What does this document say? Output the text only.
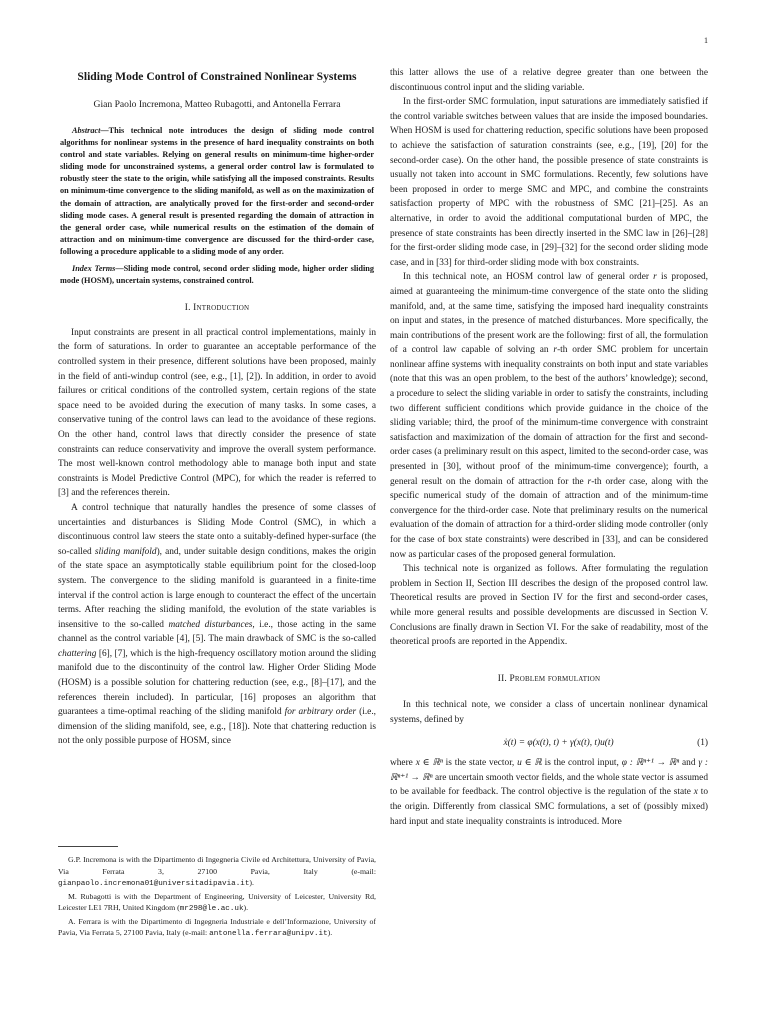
1
Sliding Mode Control of Constrained Nonlinear Systems
Gian Paolo Incremona, Matteo Rubagotti, and Antonella Ferrara

Abstract—This technical note introduces the design of sliding mode control algorithms for nonlinear systems in the presence of hard inequality constraints on both control and state variables. Relying on general results on minimum-time higher-order sliding mode for unconstrained systems, a general order control law is formulated to robustly steer the state to the origin, while satisfying all the imposed constraints. Results on minimum-time convergence to the sliding manifold, as well as on the maximization of the domain of attraction, are analytically proved for the first-order and second-order sliding mode cases. A general result is presented regarding the domain of attraction in the general order case, while numerical results on the estimation of the domain of attraction and on minimum-time convergence are discussed for the third-order case, following a procedure applicable to a sliding mode of any order.

Index Terms—Sliding mode control, second order sliding mode, higher order sliding mode (HOSM), uncertain systems, constrained control.

I. Introduction

Input constraints are present in all practical control implementations, mainly in the form of saturations. In order to guarantee an acceptable performance of the controlled system in their presence, different solutions have been proposed, mainly in the field of anti-windup control (see, e.g., [1], [2]). In addition, in order to avoid failures or critical conditions of the controlled system, certain regions of the state space need to be avoided during the execution of many tasks. In some cases, a conservative tuning of the control laws can lead to the avoidance of these regions. On the other hand, control laws that directly consider the presence of state constraints can reduce conservativity and improve the overall system performance. The most well-known control methodology able to manage both input and state constraints is Model Predictive Control (MPC), for which the reader is referred to [3] and the references therein.

A control technique that naturally handles the presence of some classes of uncertainties and disturbances is Sliding Mode Control (SMC), in which a discontinuous control law steers the state onto a suitably-defined hyper-surface (the so-called sliding manifold), and, under suitable design conditions, makes the origin of the state space an asymptotically stable equilibrium point for the closed-loop system. The convergence to the sliding manifold is guaranteed in a finite-time interval if the control action is large enough to counteract the effect of the uncertain terms. After reaching the sliding manifold, the evolution of the state variables is insensitive to the so-called matched disturbances, i.e., those acting in the same channel as the control variable [4], [5]. The main drawback of SMC is the so-called chattering [6], [7], which is the high-frequency oscillatory motion around the sliding manifold due to the discontinuity of the control law. Higher Order Sliding Mode (HOSM) is a possible solution for chattering reduction (see, e.g., [8]–[17], and the references therein included). In particular, [16] proposes an algorithm that guarantees a time-optimal reaching of the sliding manifold for arbitrary order (i.e., dimension of the sliding manifold, see, e.g., [18]). Note that chattering reduction is not the only possible purpose of HOSM, since

G.P. Incremona is with the Dipartimento di Ingegneria Civile ed Architettura, University of Pavia, Via Ferrata 3, 27100 Pavia, Italy (e-mail: gianpaolo.incremona01@universitadipavia.it).

M. Rubagotti is with the Department of Engineering, University of Leicester, University Rd, Leicester LE1 7RH, United Kingdom (mr298@le.ac.uk).

A. Ferrara is with the Dipartimento di Ingegneria Industriale e dell’Informazione, University of Pavia, Via Ferrata 5, 27100 Pavia, Italy (e-mail: antonella.ferrara@unipv.it).

this latter allows the use of a relative degree greater than one between the discontinuous control input and the sliding variable.

In the first-order SMC formulation, input saturations are immediately satisfied if the control variable switches between values that are inside the imposed boundaries. When HOSM is used for chattering reduction, specific solutions have been proposed to achieve the satisfaction of saturation constraints (see, e.g., [19], [20] for the second-order case). On the other hand, the possible presence of state constraints is usually not taken into account in SMC formulations. Recently, few solutions have been proposed in order to merge SMC and MPC, and combine the constraints satisfaction property of MPC with the robustness of SMC [21]–[25]. As an alternative, in order to avoid the additional computational burden of MPC, the presence of state constraints has been directly inserted in the SMC law in [26]–[28] for the first-order sliding mode case, in [29]–[32] for the second order sliding mode case, and in [33] for third-order sliding mode with box constraints.

In this technical note, an HOSM control law of general order r is proposed, aimed at guaranteeing the minimum-time convergence of the state onto the sliding manifold, and, at the same time, satisfying the imposed hard inequality constraints on input and states, in the presence of matched disturbances. More specifically, the main contributions of the present work are the following: first of all, the formulation of a control law capable of solving an r-th order SMC problem for uncertain nonlinear affine systems with inequality constraints on both input and state variables (note that this was an open problem, to the best of the authors’ knowledge); second, a procedure to select the sliding variable in order to satisfy the constraints, including two different sufficient conditions which provide guidance in the choice of the sliding variable; third, the proof of the minimum-time convergence with constraint satisfaction and maximization of the domain of attraction for the first and second-order cases (a preliminary result on this aspect, limited to the second-order case, was presented in [30], without proof of the minimum-time convergence); fourth, a general result on the domain of attraction for the r-th order case, along with the specific numerical study of the domain of attraction and of the minimum-time convergence for the third-order case. Note that preliminary results on the numerical evaluation of the domain of attraction for a third-order sliding mode controller (only for the case of box state constraints) were described in [33], and can be considered now as particular cases of the proposed general formulation.

This technical note is organized as follows. After formulating the regulation problem in Section II, Section III describes the design of the proposed control law. Theoretical results are proved in Section IV for the first and second-order cases, while more general results and possible developments are discussed in Section V. Conclusions are finally drawn in Section VI. For the sake of readability, most of the theoretical proofs are reported in the Appendix.

II. Problem formulation

In this technical note, we consider a class of uncertain nonlinear dynamical systems, defined by

ẋ(t) = φ(x(t), t) + γ(x(t), t)u(t)	(1)

where x ∈ ℝⁿ is the state vector, u ∈ ℝ is the control input, φ : ℝⁿ⁺¹ → ℝⁿ and γ : ℝⁿ⁺¹ → ℝⁿ are uncertain smooth vector fields, and the whole state vector is assumed to be available for feedback. The control objective is the regulation of the state x to the origin. Differently from classical SMC formulations, a set of (possibly mixed) hard input and state inequality constraints is introduced. More
